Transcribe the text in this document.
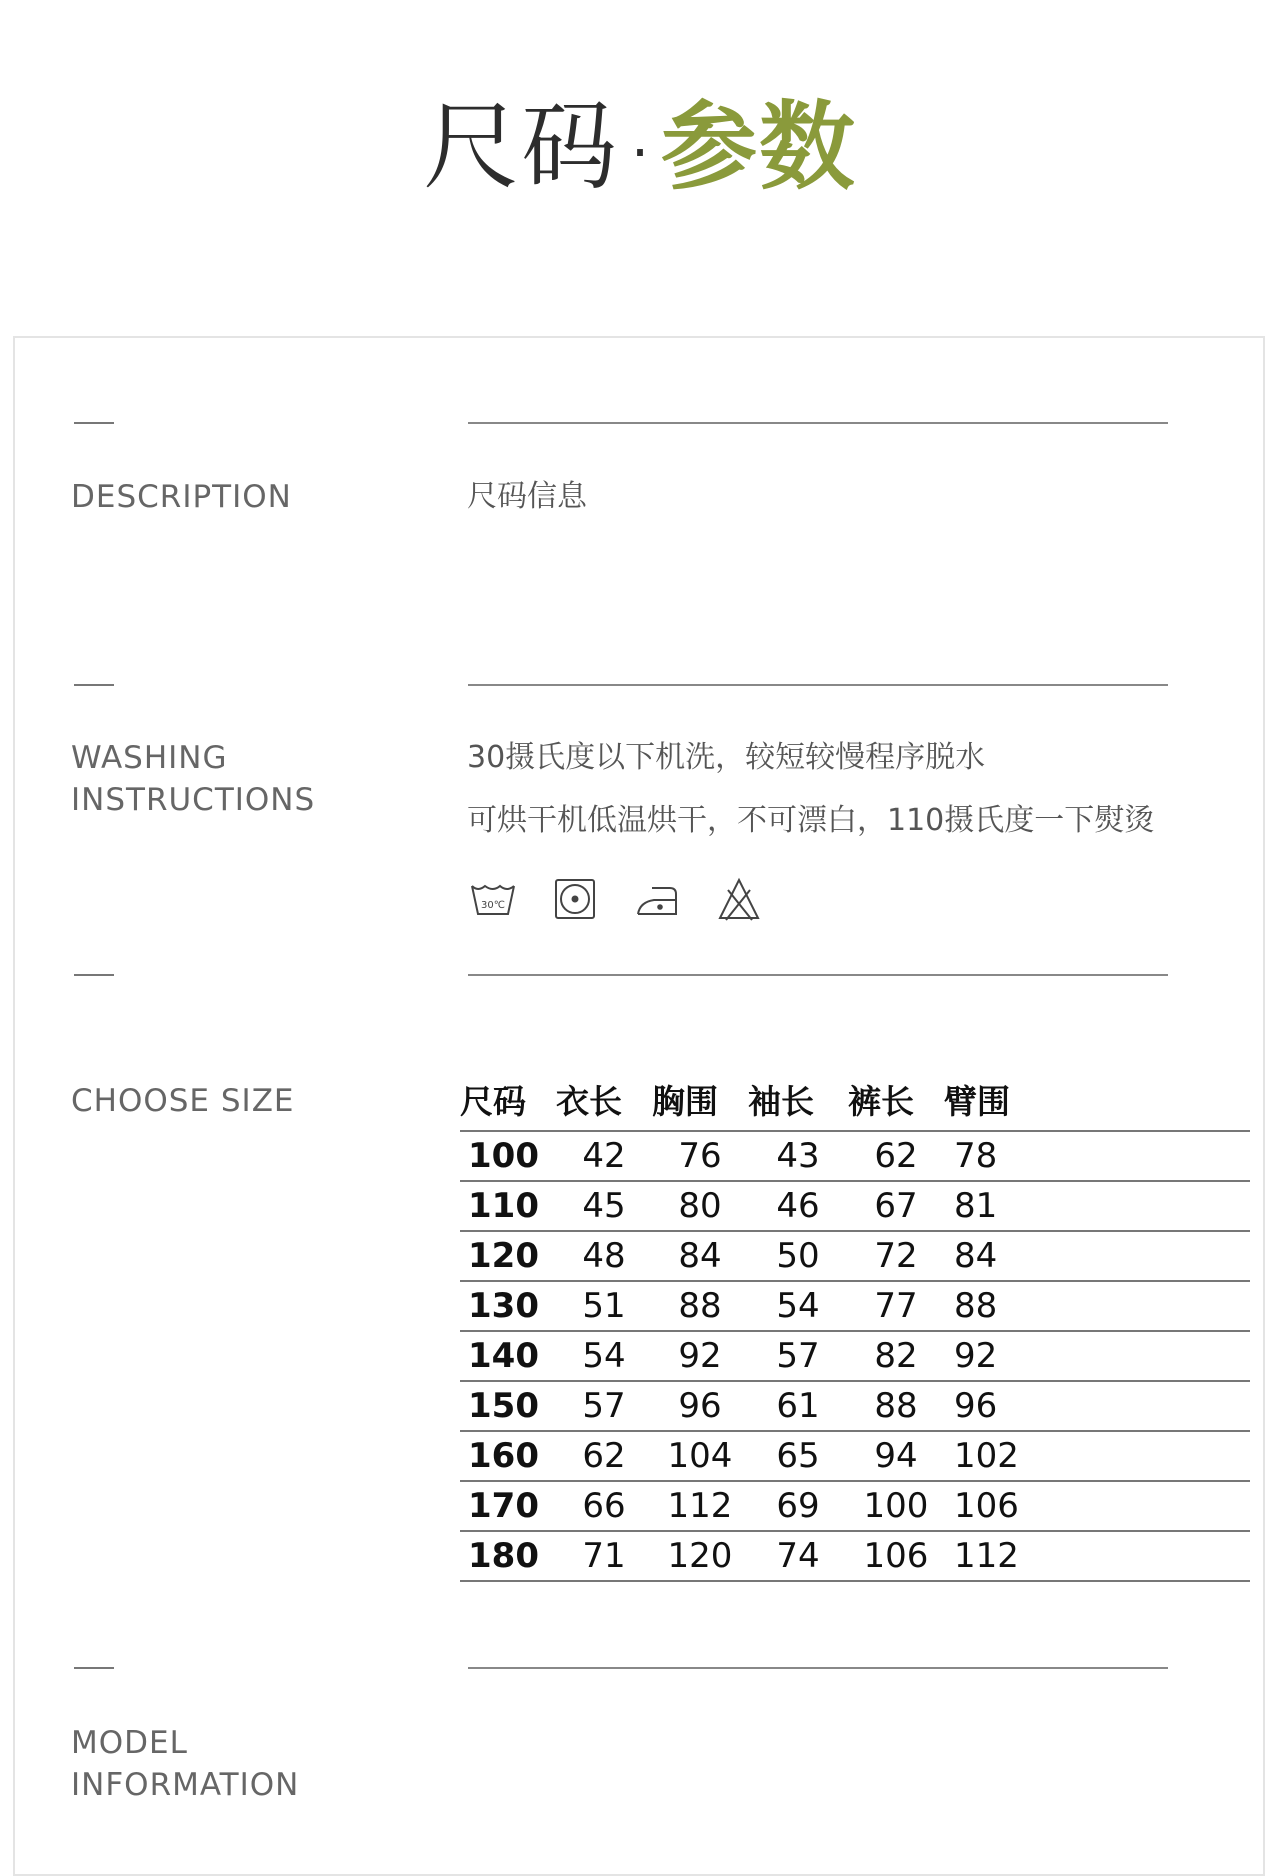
尺码 · 参数
DESCRIPTION	尺码信息
WASHING
INSTRUCTIONS
30摄氏度以下机洗，较短较慢程序脱水
可烘干机低温烘干，不可漂白，110摄氏度一下熨烫
30℃
CHOOSE SIZE	尺码	衣长	胸围	袖长	裤长	臂围
100	42	76	43	62	78
110	45	80	46	67	81
120	48	84	50	72	84
130	51	88	54	77	88
140	54	92	57	82	92
150	57	96	61	88	96
160	62	104	65	94	102
170	66	112	69	100	106
180	71	120	74	106	112
MODEL
INFORMATION
